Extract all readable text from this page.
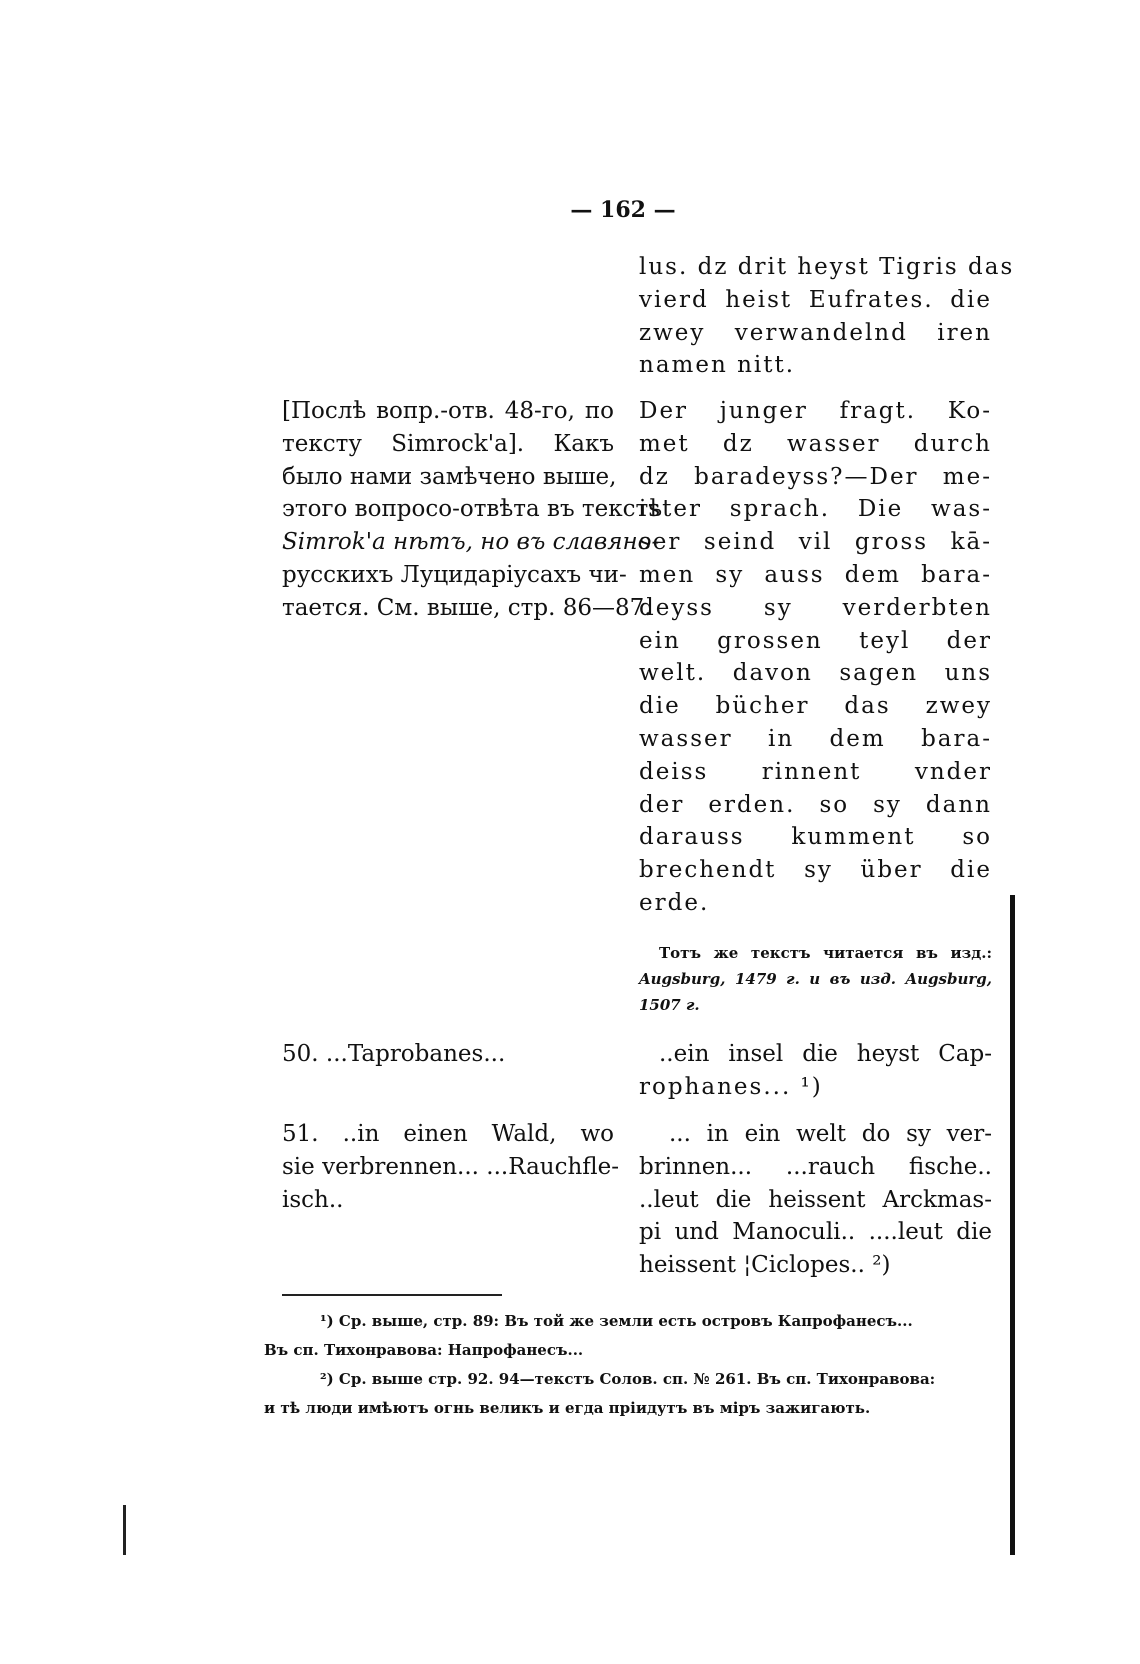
— 162 —
lus. dz drit heyst Tigris das
vierd heist Eufrates. die
zwey verwandelnd iren
namen nitt.
[Послѣ вопр.-отв. 48-го, по
тексту Simrock'a]. Какъ
было нами замѣчено выше,
этого вопросо-отвѣта въ текстѣ
Simrok'a нѣтъ, но въ славяно-
русскихъ Луцидаріусахъ чи-
тается. См. выше, стр. 86—87.
Der junger fragt. Ko-
met dz wasser durch
dz baradeyss?—Der me-
ister sprach. Die was-
ser seind vil gross kā-
men sy auss dem bara-
deyss sy verderbten
ein grossen teyl der
welt. davon sagen uns
die bücher das zwey
wasser in dem bara-
deiss rinnent vnder
der erden. so sy dann
darauss kumment so
brechendt sy über die
erde.
Тотъ же текстъ читается въ изд.:
Augsburg, 1479 г. и въ изд. Augsburg,
1507 г.
50. ...Taprobanes...	..ein insel die heyst Cap-
rophanes... ¹)
51. ..in einen Wald, wo
sie verbrennen... ...Rauchfle-
isch..
... in ein welt do sy ver-
brinnen... ...rauch fische..
..leut die heissent Arckmas-
pi und Manoculi.. ....leut die
heissent ¦Ciclopes.. ²)
¹) Ср. выше, стр. 89: Въ той же земли есть островъ Капрофанесъ...
Въ сп. Тихонравова: Напрофанесъ...
²) Ср. выше стр. 92. 94—текстъ Солов. сп. № 261. Въ сп. Тихонравова:
и тѣ люди имѣютъ огнь великъ и егда пріидутъ въ міръ зажигають.
